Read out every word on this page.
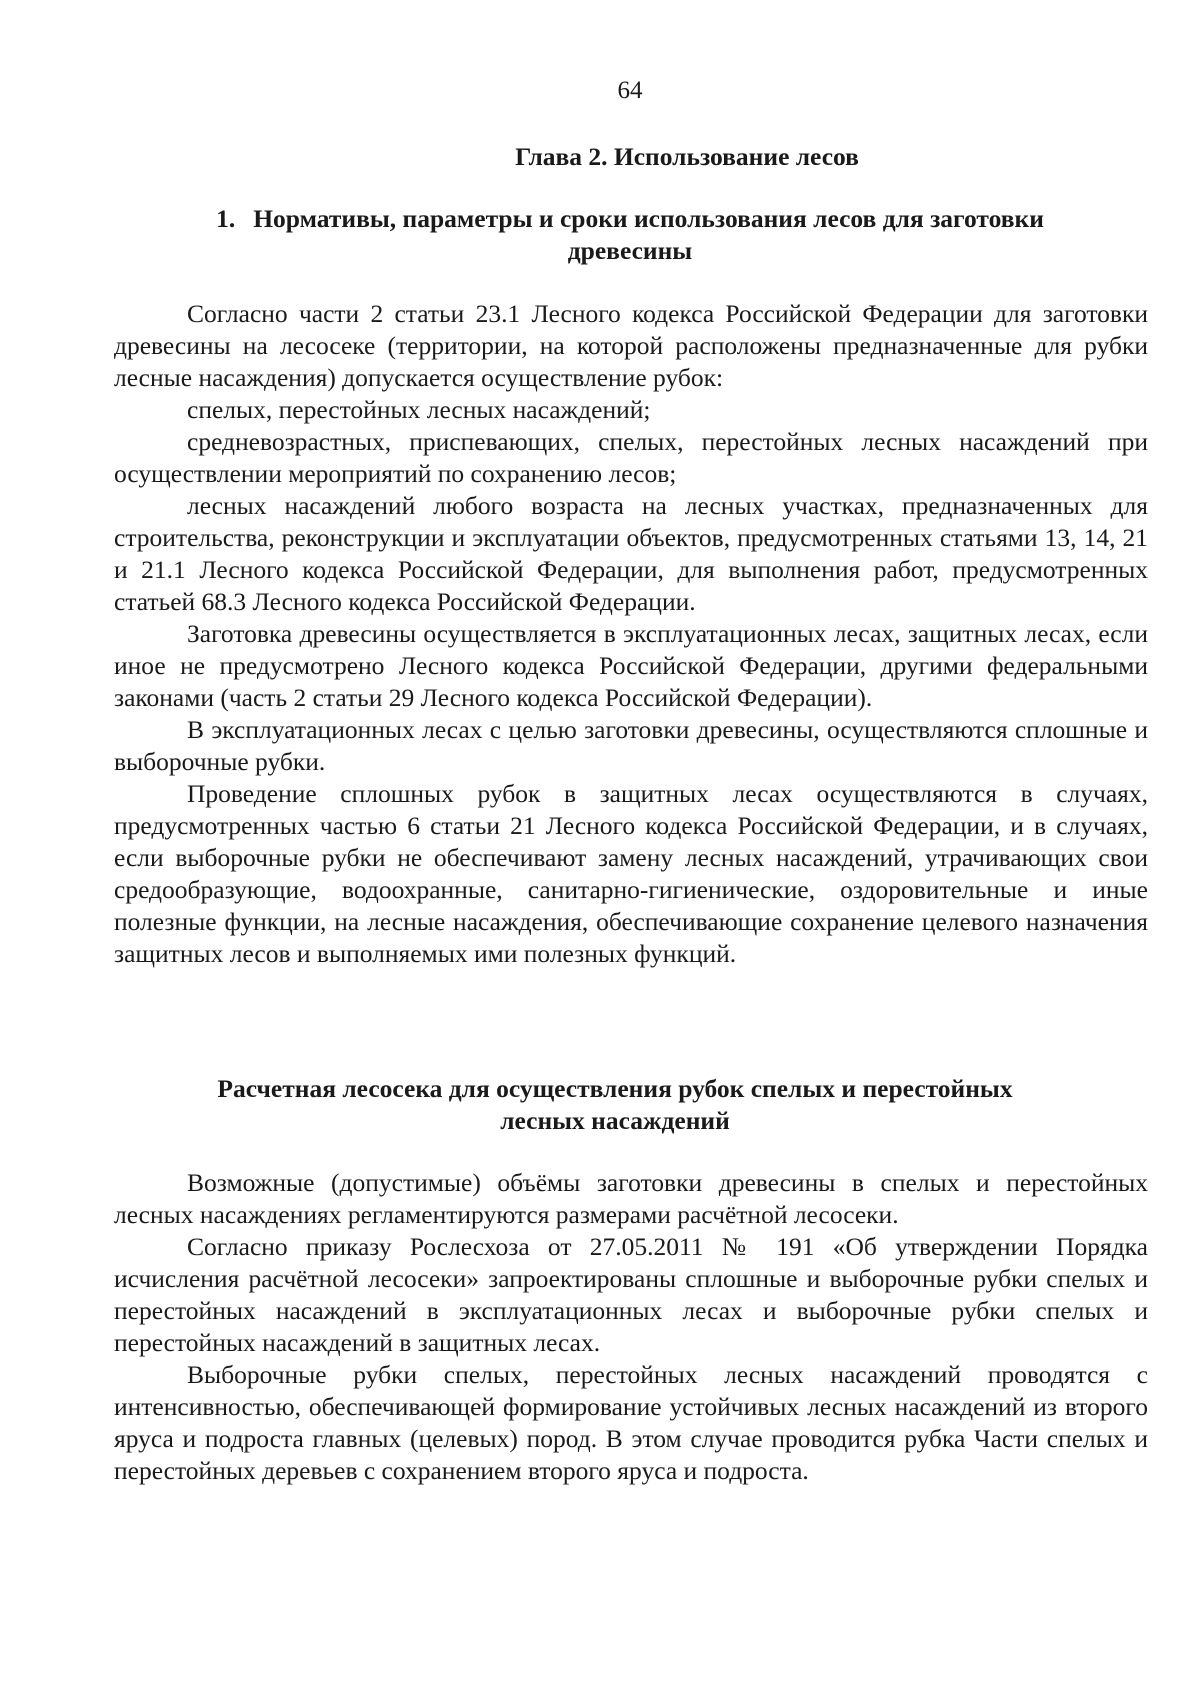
64
Глава 2. Использование лесов
1. Нормативы, параметры и сроки использования лесов для заготовки
древесины

Согласно части 2 статьи 23.1 Лесного кодекса Российской Федерации для заготовки древесины на лесосеке (территории, на которой расположены предназначенные для рубки лесные насаждения) допускается осуществление рубок:

спелых, перестойных лесных насаждений;

средневозрастных, приспевающих, спелых, перестойных лесных насаждений при осуществлении мероприятий по сохранению лесов;

лесных насаждений любого возраста на лесных участках, предназначенных для строительства, реконструкции и эксплуатации объектов, предусмотренных статьями 13, 14, 21 и 21.1 Лесного кодекса Российской Федерации, для выполнения работ, предусмотренных статьей 68.3 Лесного кодекса Российской Федерации.

Заготовка древесины осуществляется в эксплуатационных лесах, защитных лесах, если иное не предусмотрено Лесного кодекса Российской Федерации, другими федеральными законами (часть 2 статьи 29 Лесного кодекса Российской Федерации).

В эксплуатационных лесах с целью заготовки древесины, осуществляются сплошные и выборочные рубки.

Проведение сплошных рубок в защитных лесах осуществляются в случаях, предусмотренных частью 6 статьи 21 Лесного кодекса Российской Федерации, и в случаях, если выборочные рубки не обеспечивают замену лесных насаждений, утрачивающих свои средообразующие, водоохранные, санитарно-гигиенические, оздоровительные и иные полезные функции, на лесные насаждения, обеспечивающие сохранение целевого назначения защитных лесов и выполняемых ими полезных функций.

Расчетная лесосека для осуществления рубок спелых и перестойных
лесных насаждений

Возможные (допустимые) объёмы заготовки древесины в спелых и перестойных лесных насаждениях регламентируются размерами расчётной лесосеки.

Согласно приказу Рослесхоза от 27.05.2011 № 191 «Об утверждении Порядка исчисления расчётной лесосеки» запроектированы сплошные и выборочные рубки спелых и перестойных насаждений в эксплуатационных лесах и выборочные рубки спелых и перестойных насаждений в защитных лесах.

Выборочные рубки спелых, перестойных лесных насаждений проводятся с интенсивностью, обеспечивающей формирование устойчивых лесных насаждений из второго яруса и подроста главных (целевых) пород. В этом случае проводится рубка Части спелых и перестойных деревьев с сохранением второго яруса и подроста.
